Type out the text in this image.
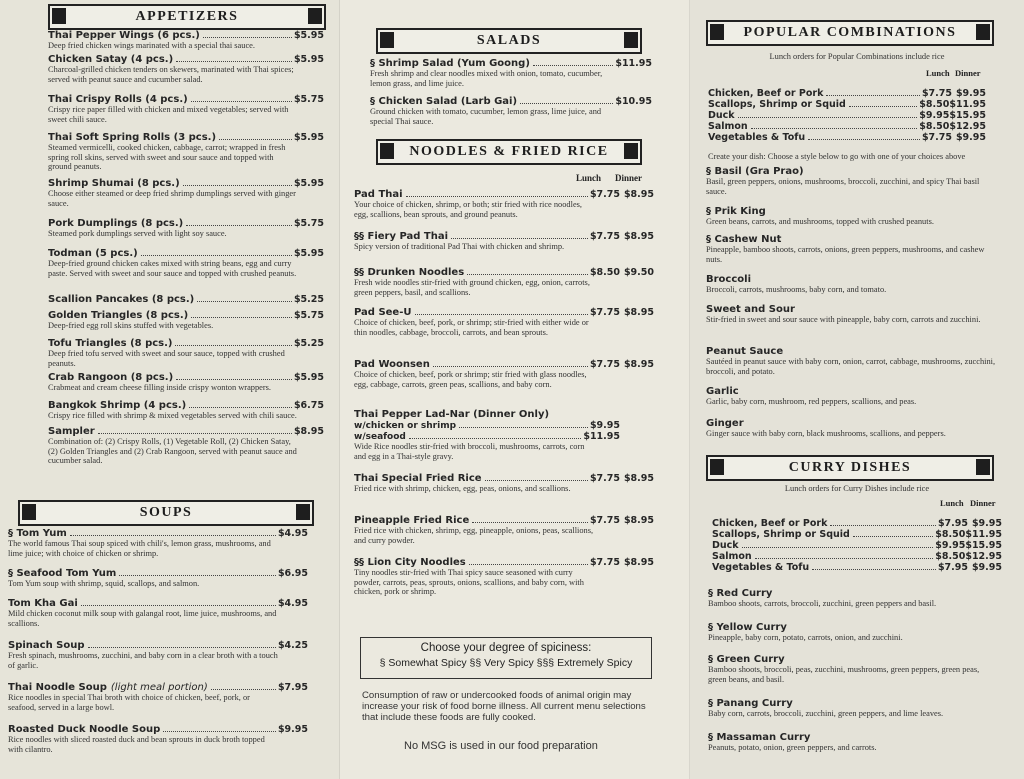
APPETIZERS
Thai Pepper Wings (6 pcs.)	$5.95
Deep fried chicken wings marinated with a special thai sauce.
Chicken Satay (4 pcs.)	$5.95
Charcoal-grilled chicken tenders on skewers, marinated with Thai spices; served with peanut sauce and cucumber salad.
Thai Crispy Rolls (4 pcs.)	$5.75
Crispy rice paper filled with chicken and mixed vegetables; served with sweet chili sauce.
Thai Soft Spring Rolls (3 pcs.)	$5.95
Steamed vermicelli, cooked chicken, cabbage, carrot; wrapped in fresh spring roll skins, served with sweet and sour sauce and topped with ground peanuts.
Shrimp Shumai (8 pcs.)	$5.95
Choose either steamed or deep fried shrimp dumplings served with ginger sauce.
Pork Dumplings (8 pcs.)	$5.75
Steamed pork dumplings served with light soy sauce.
Todman (5 pcs.)	$5.95
Deep-fried ground chicken cakes mixed with string beans, egg and curry paste. Served with sweet and sour sauce and topped with crushed peanuts.
Scallion Pancakes (8 pcs.)	$5.25
Golden Triangles (8 pcs.)	$5.75
Deep-fried egg roll skins stuffed with vegetables.
Tofu Triangles (8 pcs.)	$5.25
Deep fried tofu served with sweet and sour sauce, topped with crushed peanuts.
Crab Rangoon (8 pcs.)	$5.95
Crabmeat and cream cheese filling inside crispy wonton wrappers.
Bangkok Shrimp (4 pcs.)	$6.75
Crispy rice filled with shrimp & mixed vegetables served with chili sauce.
Sampler	$8.95
Combination of: (2) Crispy Rolls, (1) Vegetable Roll, (2) Chicken Satay, (2) Golden Triangles and (2) Crab Rangoon, served with peanut sauce and cucumber salad.
SOUPS
§ Tom Yum	$4.95
The world famous Thai soup spiced with chili's, lemon grass, mushrooms, and lime juice; with choice of chicken or shrimp.
§ Seafood Tom Yum	$6.95
Tom Yum soup with shrimp, squid, scallops, and salmon.
Tom Kha Gai	$4.95
Mild chicken coconut milk soup with galangal root, lime juice, mushrooms, and scallions.
Spinach Soup	$4.25
Fresh spinach, mushrooms, zucchini, and baby corn in a clear broth with a touch of garlic.
Thai Noodle Soup (light meal portion)	$7.95
Rice noodles in special Thai broth with choice of chicken, beef, pork, or seafood, served in a large bowl.
Roasted Duck Noodle Soup	$9.95
Rice noodles with sliced roasted duck and bean sprouts in duck broth topped with cilantro.
SALADS
§ Shrimp Salad (Yum Goong)	$11.95
Fresh shrimp and clear noodles mixed with onion, tomato, cucumber, lemon grass, and lime juice.
§ Chicken Salad (Larb Gai)	$10.95
Ground chicken with tomato, cucumber, lemon grass, lime juice, and special Thai sauce.
NOODLES & FRIED RICE
Lunch Dinner
Pad Thai	$7.75 $8.95
Your choice of chicken, shrimp, or both; stir fried with rice noodles, egg, scallions, bean sprouts, and ground peanuts.
§§ Fiery Pad Thai	$7.75 $8.95
Spicy version of traditional Pad Thai with chicken and shrimp.
§§ Drunken Noodles	$8.50 $9.50
Fresh wide noodles stir-fried with ground chicken, egg, onion, carrots, green peppers, basil, and scallions.
Pad See-U	$7.75 $8.95
Choice of chicken, beef, pork, or shrimp; stir-fried with either wide or thin noodles, cabbage, broccoli, carrots, and bean sprouts.
Pad Woonsen	$7.75 $8.95
Choice of chicken, beef, pork or shrimp; stir fried with glass noodles, egg, cabbage, carrots, green peas, scallions, and baby corn.
Thai Pepper Lad-Nar (Dinner Only)
w/chicken or shrimp	$9.95
w/seafood	$11.95
Wide Rice noodles stir-fried with broccoli, mushrooms, carrots, corn and egg in a Thai-style gravy.
Thai Special Fried Rice	$7.75 $8.95
Fried rice with shrimp, chicken, egg, peas, onions, and scallions.
Pineapple Fried Rice	$7.75 $8.95
Fried rice with chicken, shrimp, egg, pineapple, onions, peas, scallions, and curry powder.
§§ Lion City Noodles	$7.75 $8.95
Tiny noodles stir-fried with Thai spicy sauce seasoned with curry powder, carrots, peas, sprouts, onions, scallions, and baby corn, with chicken, pork or shrimp.
Choose your degree of spiciness:
§ Somewhat Spicy §§ Very Spicy §§§ Extremely Spicy
Consumption of raw or undercooked foods of animal origin may increase your risk of food borne illness. All current menu selections that include these foods are fully cooked.
No MSG is used in our food preparation
POPULAR COMBINATIONS
Lunch orders for Popular Combinations include rice
Lunch Dinner
Chicken, Beef or Pork	$7.75 $9.95
Scallops, Shrimp or Squid	$8.50 $11.95
Duck	$9.95 $15.95
Salmon	$8.50 $12.95
Vegetables & Tofu	$7.75 $9.95
Create your dish: Choose a style below to go with one of your choices above
§ Basil (Gra Prao)
Basil, green peppers, onions, mushrooms, broccoli, zucchini, and spicy Thai basil sauce.
§ Prik King
Green beans, carrots, and mushrooms, topped with crushed peanuts.
§ Cashew Nut
Pineapple, bamboo shoots, carrots, onions, green peppers, mushrooms, and cashew nuts.
Broccoli
Broccoli, carrots, mushrooms, baby corn, and tomato.
Sweet and Sour
Stir-fried in sweet and sour sauce with pineapple, baby corn, carrots and zucchini.
Peanut Sauce
Sautéed in peanut sauce with baby corn, onion, carrot, cabbage, mushrooms, zucchini, broccoli, and potato.
Garlic
Garlic, baby corn, mushroom, red peppers, scallions, and peas.
Ginger
Ginger sauce with baby corn, black mushrooms, scallions, and peppers.
CURRY DISHES
Lunch orders for Curry Dishes include rice
Lunch Dinner
Chicken, Beef or Pork	$7.95 $9.95
Scallops, Shrimp or Squid	$8.50 $11.95
Duck	$9.95 $15.95
Salmon	$8.50 $12.95
Vegetables & Tofu	$7.95 $9.95
§ Red Curry
Bamboo shoots, carrots, broccoli, zucchini, green peppers and basil.
§ Yellow Curry
Pineapple, baby corn, potato, carrots, onion, and zucchini.
§ Green Curry
Bamboo shoots, broccoli, peas, zucchini, mushrooms, green peppers, green peas, green beans, and basil.
§ Panang Curry
Baby corn, carrots, broccoli, zucchini, green peppers, and lime leaves.
§ Massaman Curry
Peanuts, potato, onion, green peppers, and carrots.
